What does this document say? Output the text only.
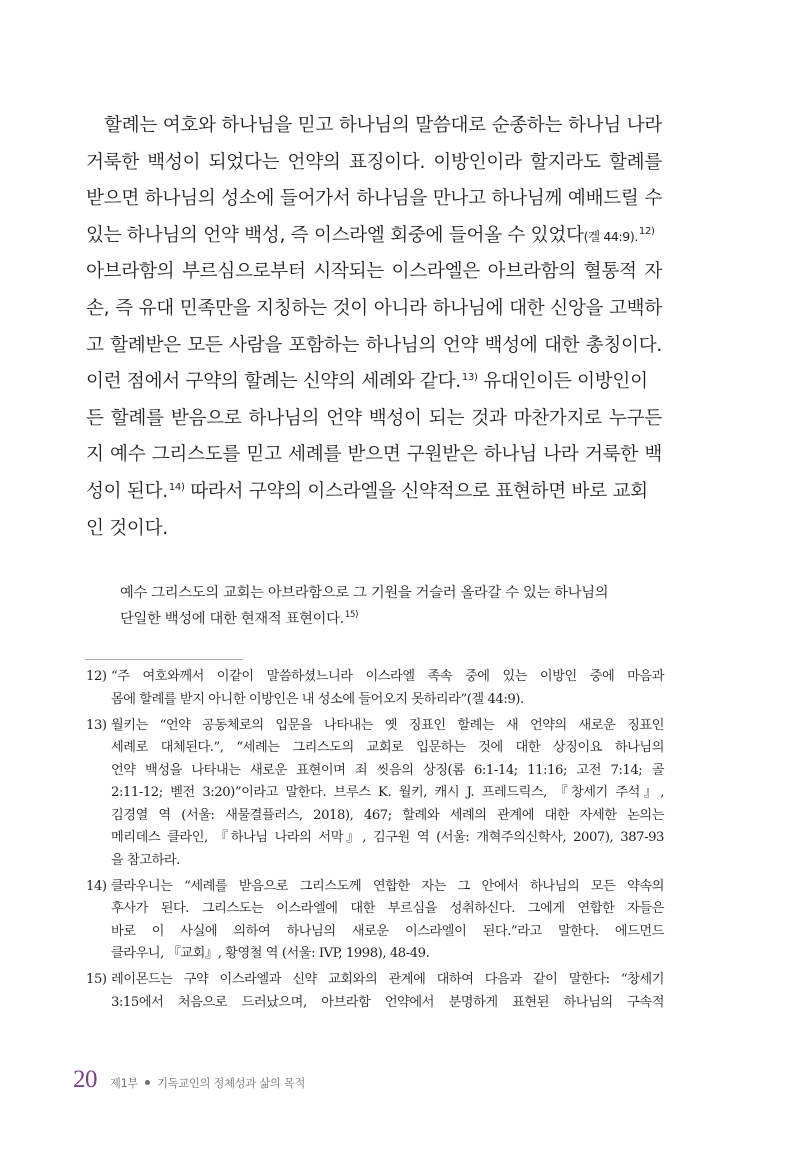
할례는 여호와 하나님을 믿고 하나님의 말씀대로 순종하는 하나님 나라
거룩한 백성이 되었다는 언약의 표징이다. 이방인이라 할지라도 할례를
받으면 하나님의 성소에 들어가서 하나님을 만나고 하나님께 예배드릴 수
있는 하나님의 언약 백성, 즉 이스라엘 회중에 들어올 수 있었다(겔 44:9).$^{12)}$
아브라함의 부르심으로부터 시작되는 이스라엘은 아브라함의 혈통적 자
손, 즉 유대 민족만을 지칭하는 것이 아니라 하나님에 대한 신앙을 고백하
고 할례받은 모든 사람을 포함하는 하나님의 언약 백성에 대한 총칭이다.
이런 점에서 구약의 할례는 신약의 세례와 같다.$^{13)}$ 유대인이든 이방인이
든 할례를 받음으로 하나님의 언약 백성이 되는 것과 마찬가지로 누구든
지 예수 그리스도를 믿고 세례를 받으면 구원받은 하나님 나라 거룩한 백
성이 된다.$^{14)}$ 따라서 구약의 이스라엘을 신약적으로 표현하면 바로 교회
인 것이다.
예수 그리스도의 교회는 아브라함으로 그 기원을 거슬러 올라갈 수 있는 하나님의
단일한 백성에 대한 현재적 표현이다.$^{15)}$
12) “주 여호와께서 이같이 말씀하셨느니라 이스라엘 족속 중에 있는 이방인 중에 마음과
몸에 할례를 받지 아니한 이방인은 내 성소에 들어오지 못하리라”(겔 44:9).
13) 월키는 “언약 공동체로의 입문을 나타내는 옛 징표인 할례는 새 언약의 새로운 징표인
세례로 대체된다.”, “세례는 그리스도의 교회로 입문하는 것에 대한 상징이요 하나님의
언약 백성을 나타내는 새로운 표현이며 죄 씻음의 상징(롬 6:1-14; 11:16; 고전 7:14; 골
2:11-12; 벧전 3:20)”이라고 말한다. 브루스 K. 월키, 캐시 J. 프레드릭스, 『창세기 주석』,
김경열 역 (서울: 새물결플러스, 2018), 467; 할례와 세례의 관계에 대한 자세한 논의는
메리데스 클라인, 『하나님 나라의 서막』, 김구원 역 (서울: 개혁주의신학사, 2007), 387-93
을 참고하라.
14) 클라우니는 “세례를 받음으로 그리스도께 연합한 자는 그 안에서 하나님의 모든 약속의
후사가 된다. 그리스도는 이스라엘에 대한 부르심을 성취하신다. 그에게 연합한 자들은
바로 이 사실에 의하여 하나님의 새로운 이스라엘이 된다.”라고 말한다. 에드먼드
클라우니, 『교회』, 황영철 역 (서울: IVP, 1998), 48-49.
15) 레이몬드는 구약 이스라엘과 신약 교회와의 관계에 대하여 다음과 같이 말한다: “창세기
3:15에서 처음으로 드러났으며, 아브라함 언약에서 분명하게 표현된 하나님의 구속적
20 제1부 기독교인의 정체성과 삶의 목적
